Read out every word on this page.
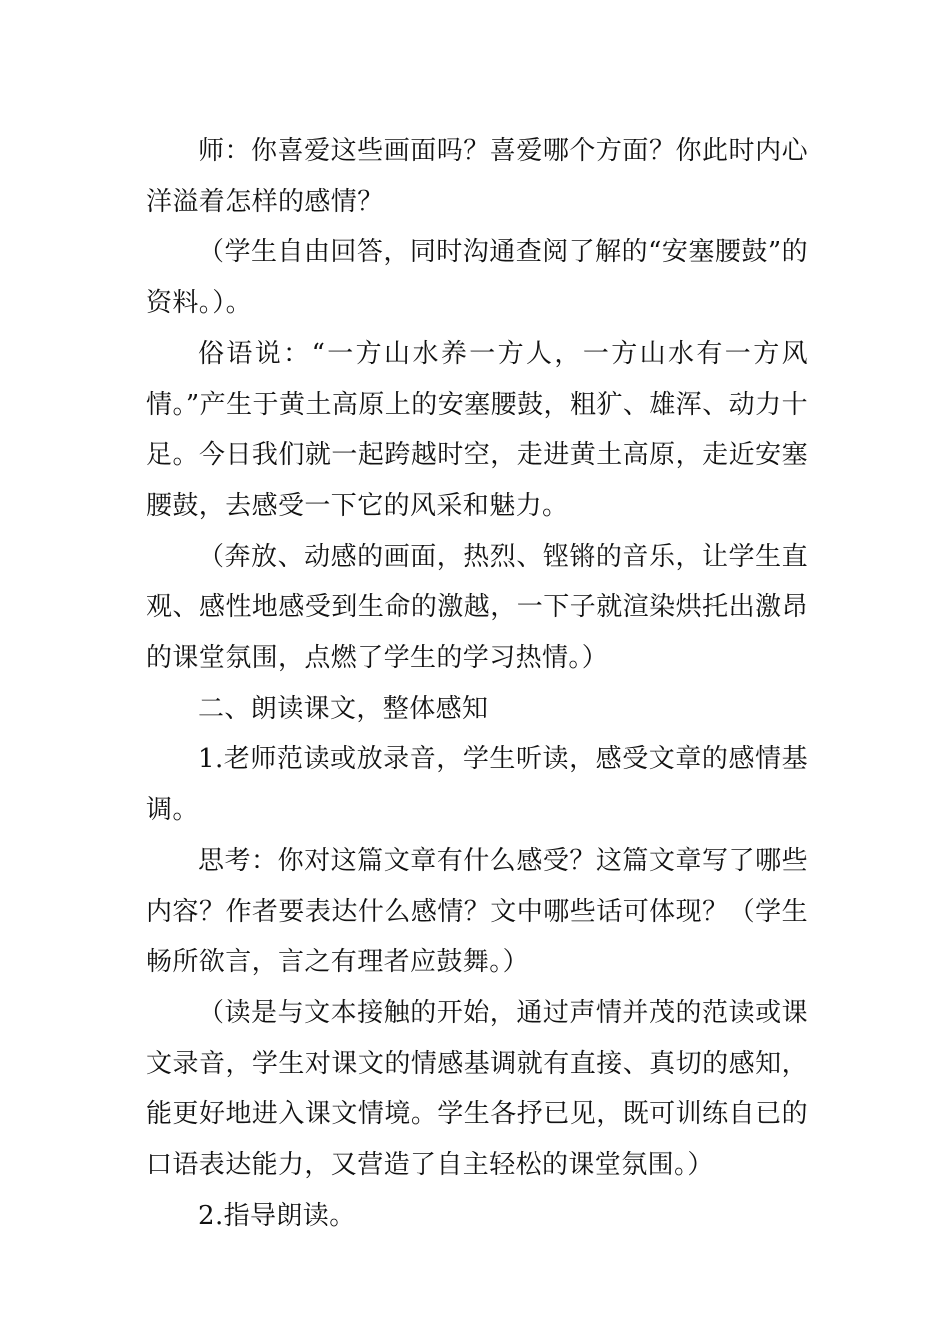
师：你喜爱这些画面吗？喜爱哪个方面？你此时内心洋溢着怎样的感情？

（学生自由回答，同时沟通查阅了解的“安塞腰鼓”的资料。）。

俗语说：“一方山水养一方人，一方山水有一方风情。”产生于黄土高原上的安塞腰鼓，粗犷、雄浑、动力十足。今日我们就一起跨越时空，走进黄土高原，走近安塞腰鼓，去感受一下它的风采和魅力。

（奔放、动感的画面，热烈、铿锵的音乐，让学生直观、感性地感受到生命的激越，一下子就渲染烘托出激昂的课堂氛围，点燃了学生的学习热情。）

二、朗读课文，整体感知

1.老师范读或放录音，学生听读，感受文章的感情基调。

思考：你对这篇文章有什么感受？这篇文章写了哪些内容？作者要表达什么感情？文中哪些话可体现？（学生畅所欲言，言之有理者应鼓舞。）

（读是与文本接触的开始，通过声情并茂的范读或课文录音，学生对课文的情感基调就有直接、真切的感知，能更好地进入课文情境。学生各抒已见，既可训练自已的口语表达能力，又营造了自主轻松的课堂氛围。）

2.指导朗读。
